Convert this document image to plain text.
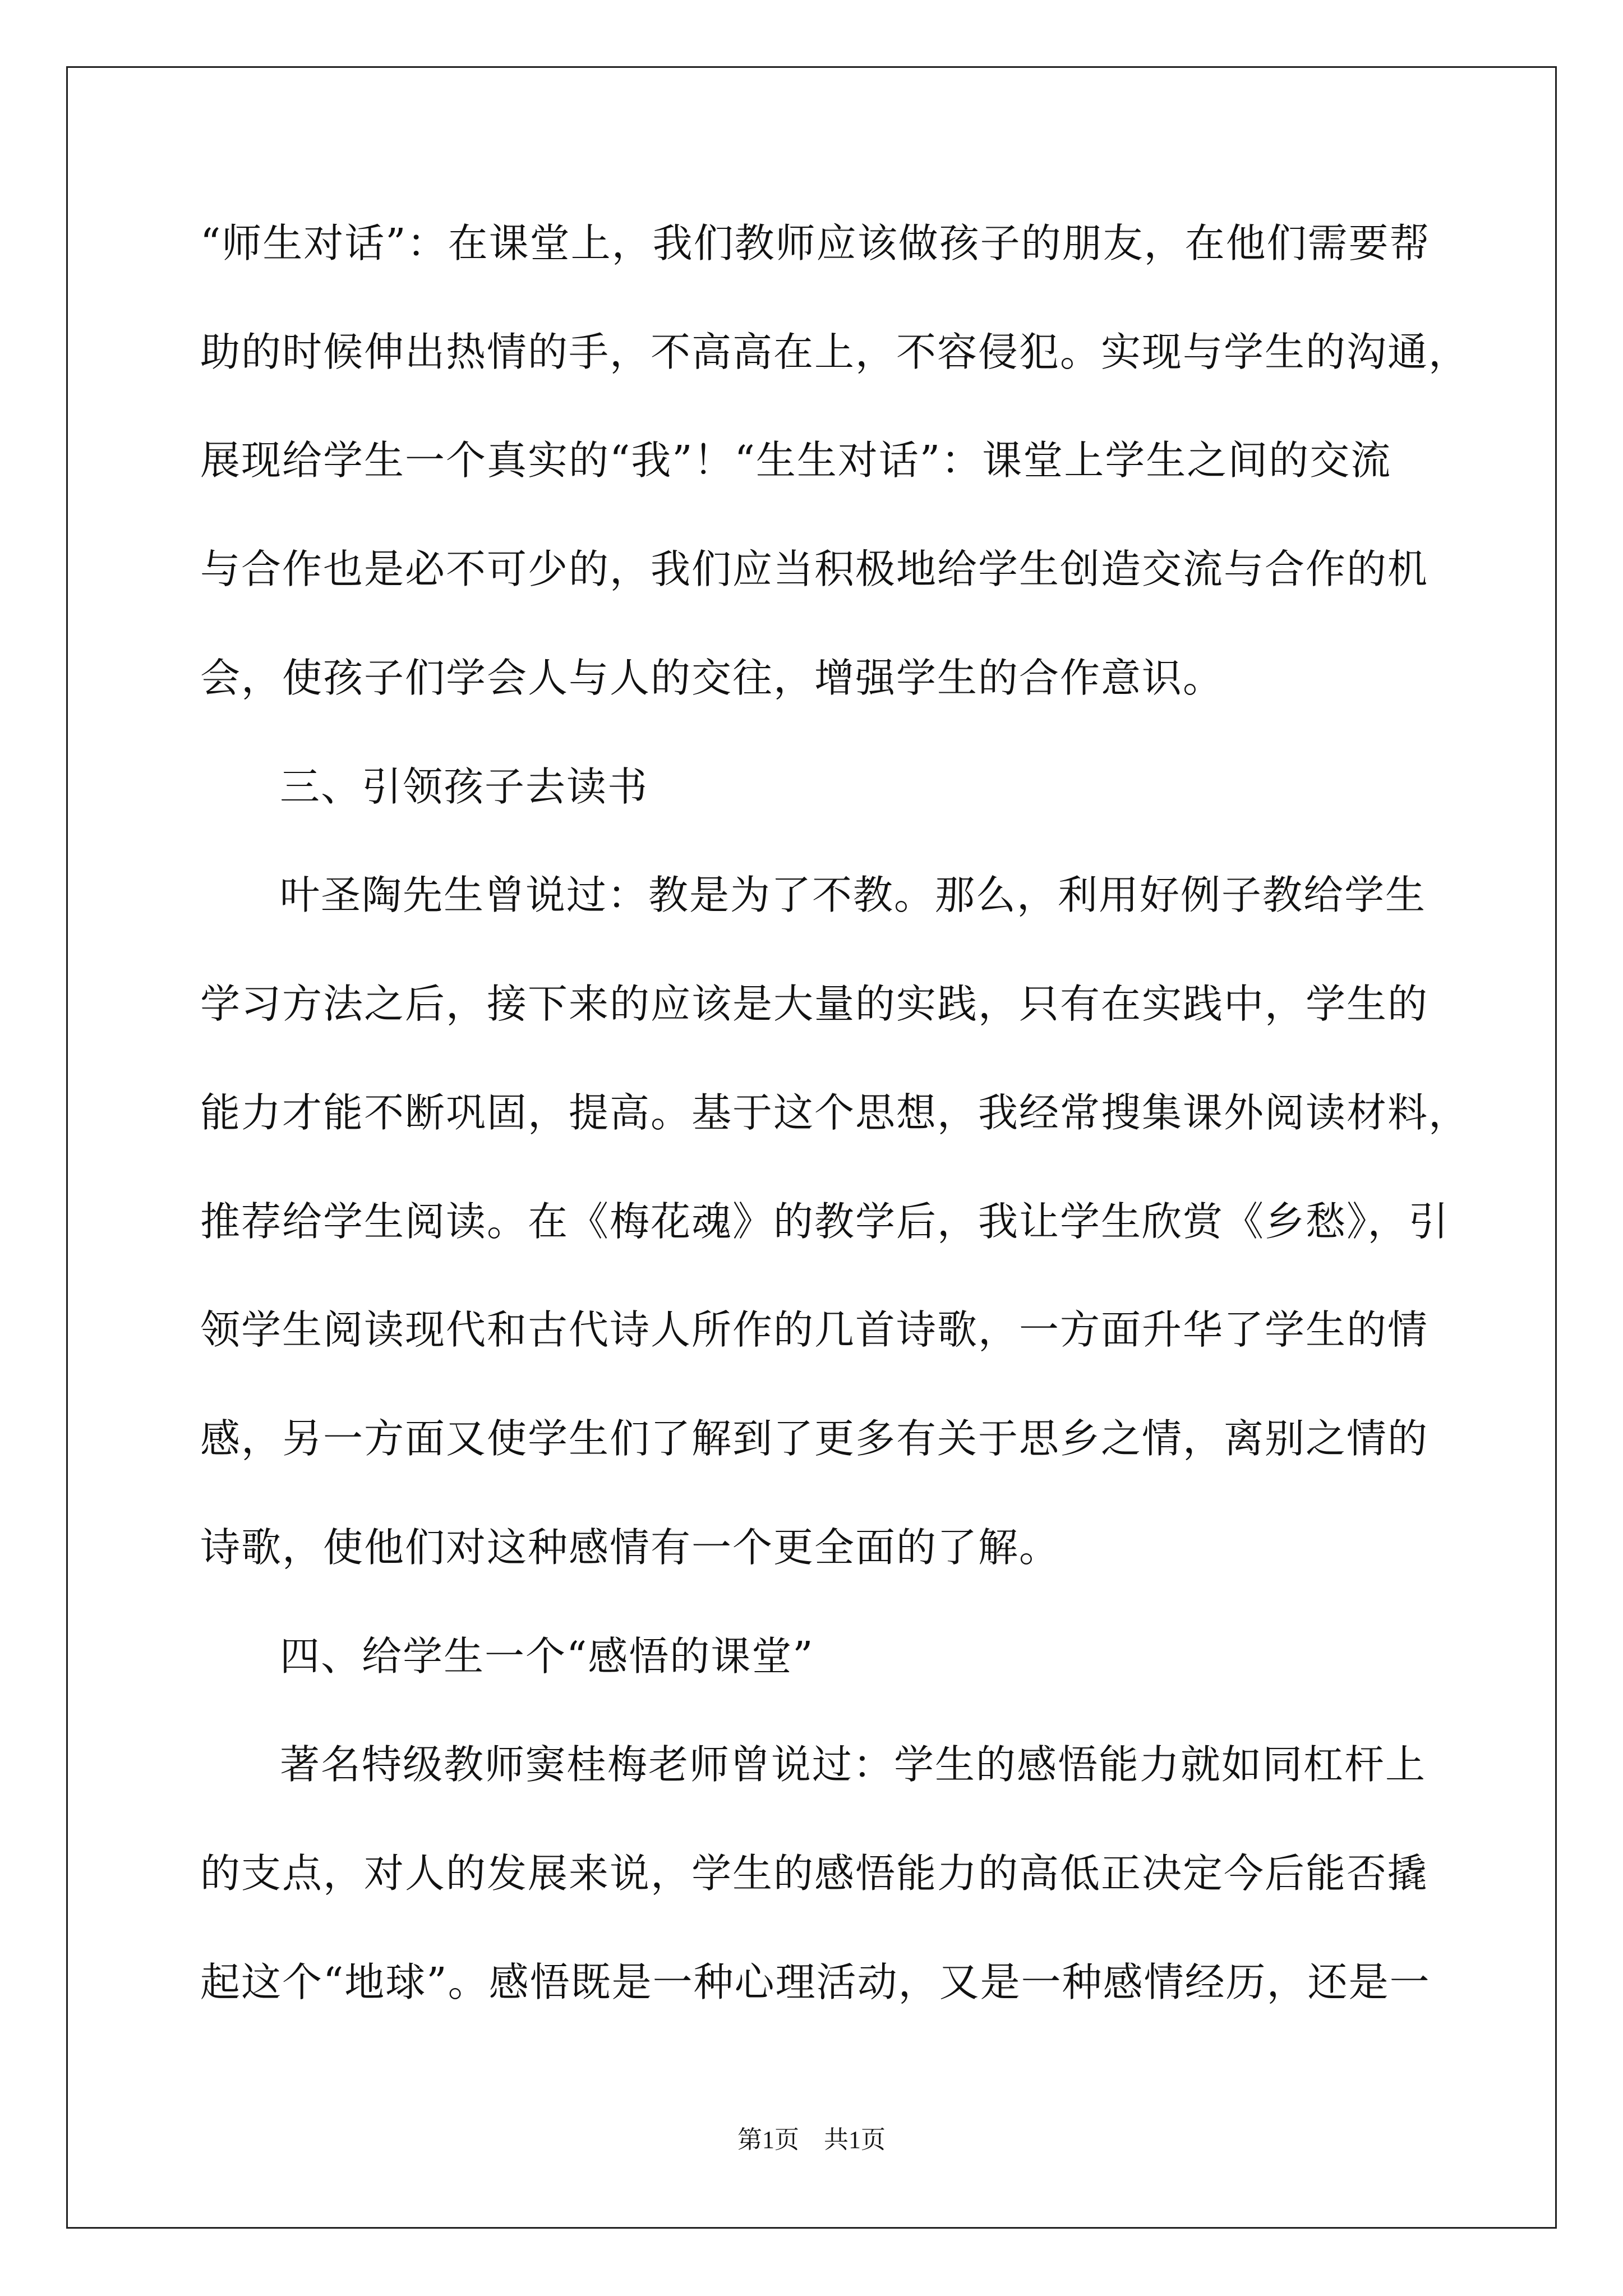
“师生对话”：在课堂上，我们教师应该做孩子的朋友，在他们需要帮
助的时候伸出热情的手，不高高在上，不容侵犯。实现与学生的沟通，
展现给学生一个真实的“我”！“生生对话”：课堂上学生之间的交流
与合作也是必不可少的，我们应当积极地给学生创造交流与合作的机
会，使孩子们学会人与人的交往，增强学生的合作意识。
三、引领孩子去读书
叶圣陶先生曾说过：教是为了不教。那么，利用好例子教给学生
学习方法之后，接下来的应该是大量的实践，只有在实践中，学生的
能力才能不断巩固，提高。基于这个思想，我经常搜集课外阅读材料，
推荐给学生阅读。在《梅花魂》的教学后，我让学生欣赏《乡愁》，引
领学生阅读现代和古代诗人所作的几首诗歌，一方面升华了学生的情
感，另一方面又使学生们了解到了更多有关于思乡之情，离别之情的
诗歌，使他们对这种感情有一个更全面的了解。
四、给学生一个“感悟的课堂”
著名特级教师窦桂梅老师曾说过：学生的感悟能力就如同杠杆上
的支点，对人的发展来说，学生的感悟能力的高低正决定今后能否撬
起这个“地球”。感悟既是一种心理活动，又是一种感情经历，还是一
第1页　共1页
